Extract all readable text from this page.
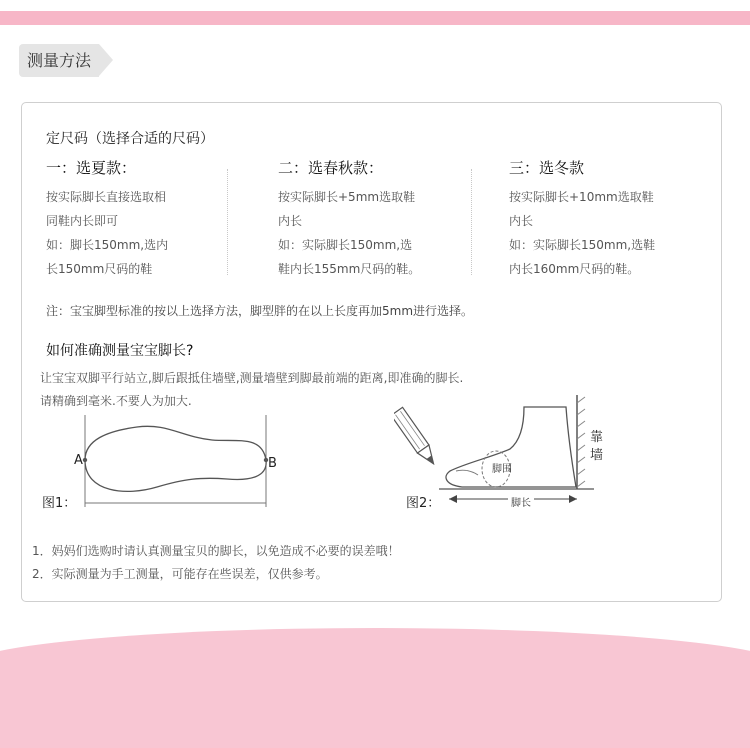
测量方法
定尺码（选择合适的尺码）
一：选夏款：
按实际脚长直接选取相
同鞋内长即可
如：脚长150mm,选内
长150mm尺码的鞋
二：选春秋款：
按实际脚长+5mm选取鞋
内长
如：实际脚长150mm,选
鞋内长155mm尺码的鞋。
三：选冬款
按实际脚长+10mm选取鞋
内长
如：实际脚长150mm,选鞋
内长160mm尺码的鞋。
注：宝宝脚型标准的按以上选择方法，脚型胖的在以上长度再加5mm进行选择。
如何准确测量宝宝脚长?
让宝宝双脚平行站立,脚后跟抵住墙壁,测量墙壁到脚最前端的距离,即准确的脚长.
请精确到毫米.不要人为加大.
A	B
图1：
脚围
脚长
靠
墙
图2：
1．妈妈们选购时请认真测量宝贝的脚长，以免造成不必要的误差哦！
2．实际测量为手工测量，可能存在些误差，仅供参考。
